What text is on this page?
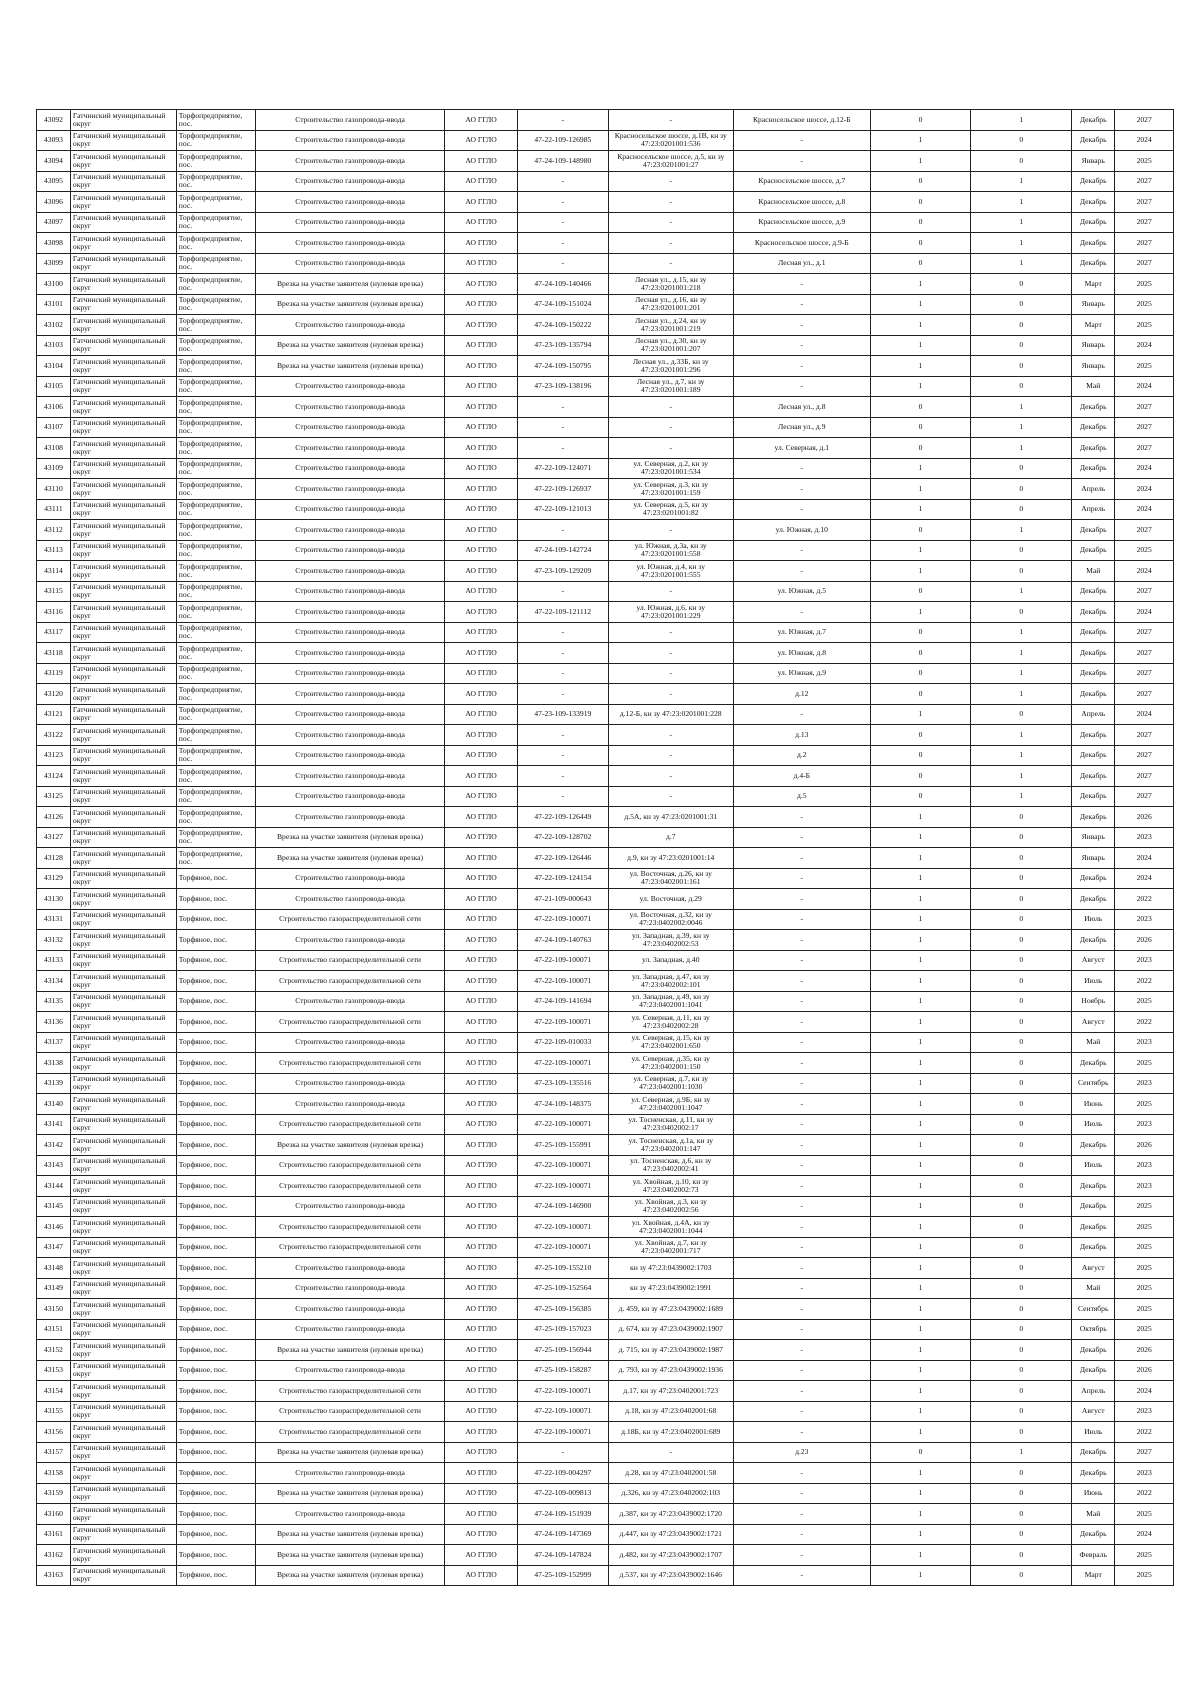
43092	Гатчинский муниципальный округ	Торфопредприятие, пос.	Строительство газопровода-ввода	АО ГГЛО	-	-	Красносельское шоссе, д.12-Б	0	1	Декабрь	2027
43093	Гатчинский муниципальный округ	Торфопредприятие, пос.	Строительство газопровода-ввода	АО ГГЛО	47-22-109-126985	Красносельское шоссе, д.1В, кн зу 47:23:0201001:536	-	1	0	Декабрь	2024
43094	Гатчинский муниципальный округ	Торфопредприятие, пос.	Строительство газопровода-ввода	АО ГГЛО	47-24-109-148980	Красносельское шоссе, д.5, кн зу 47:23:0201001:27	-	1	0	Январь	2025
43095	Гатчинский муниципальный округ	Торфопредприятие, пос.	Строительство газопровода-ввода	АО ГГЛО	-	-	Красносельское шоссе, д.7	0	1	Декабрь	2027
43096	Гатчинский муниципальный округ	Торфопредприятие, пос.	Строительство газопровода-ввода	АО ГГЛО	-	-	Красносельское шоссе, д.8	0	1	Декабрь	2027
43097	Гатчинский муниципальный округ	Торфопредприятие, пос.	Строительство газопровода-ввода	АО ГГЛО	-	-	Красносельское шоссе, д.9	0	1	Декабрь	2027
43098	Гатчинский муниципальный округ	Торфопредприятие, пос.	Строительство газопровода-ввода	АО ГГЛО	-	-	Красносельское шоссе, д.9-Б	0	1	Декабрь	2027
43099	Гатчинский муниципальный округ	Торфопредприятие, пос.	Строительство газопровода-ввода	АО ГГЛО	-	-	Лесная ул., д.1	0	1	Декабрь	2027
43100	Гатчинский муниципальный округ	Торфопредприятие, пос.	Врезка на участке заявителя (нулевая врезка)	АО ГГЛО	47-24-109-140466	Лесная ул., д.15, кн зу 47:23:0201001:218	-	1	0	Март	2025
43101	Гатчинский муниципальный округ	Торфопредприятие, пос.	Врезка на участке заявителя (нулевая врезка)	АО ГГЛО	47-24-109-151024	Лесная ул., д.16, кн зу 47:23:0201001:201	-	1	0	Январь	2025
43102	Гатчинский муниципальный округ	Торфопредприятие, пос.	Строительство газопровода-ввода	АО ГГЛО	47-24-109-150222	Лесная ул., д.24, кн зу 47:23:0201001:219	-	1	0	Март	2025
43103	Гатчинский муниципальный округ	Торфопредприятие, пос.	Врезка на участке заявителя (нулевая врезка)	АО ГГЛО	47-23-109-135794	Лесная ул., д.30, кн зу 47:23:0201001:207	-	1	0	Январь	2024
43104	Гатчинский муниципальный округ	Торфопредприятие, пос.	Врезка на участке заявителя (нулевая врезка)	АО ГГЛО	47-24-109-150795	Лесная ул., д.33Б, кн зу 47:23:0201001:296	-	1	0	Январь	2025
43105	Гатчинский муниципальный округ	Торфопредприятие, пос.	Строительство газопровода-ввода	АО ГГЛО	47-23-109-138196	Лесная ул., д.7, кн зу 47:23:0201001:189	-	1	0	Май	2024
43106	Гатчинский муниципальный округ	Торфопредприятие, пос.	Строительство газопровода-ввода	АО ГГЛО	-	-	Лесная ул., д.8	0	1	Декабрь	2027
43107	Гатчинский муниципальный округ	Торфопредприятие, пос.	Строительство газопровода-ввода	АО ГГЛО	-	-	Лесная ул., д.9	0	1	Декабрь	2027
43108	Гатчинский муниципальный округ	Торфопредприятие, пос.	Строительство газопровода-ввода	АО ГГЛО	-	-	ул. Северная, д.1	0	1	Декабрь	2027
43109	Гатчинский муниципальный округ	Торфопредприятие, пос.	Строительство газопровода-ввода	АО ГГЛО	47-22-109-124071	ул. Северная, д.2, кн зу 47:23:0201001:534	-	1	0	Декабрь	2024
43110	Гатчинский муниципальный округ	Торфопредприятие, пос.	Строительство газопровода-ввода	АО ГГЛО	47-22-109-126937	ул. Северная, д.3, кн зу 47:23:0201001:159	-	1	0	Апрель	2024
43111	Гатчинский муниципальный округ	Торфопредприятие, пос.	Строительство газопровода-ввода	АО ГГЛО	47-22-109-121013	ул. Северная, д.5, кн зу 47:23:0201001:82	-	1	0	Апрель	2024
43112	Гатчинский муниципальный округ	Торфопредприятие, пос.	Строительство газопровода-ввода	АО ГГЛО	-	-	ул. Южная, д.10	0	1	Декабрь	2027
43113	Гатчинский муниципальный округ	Торфопредприятие, пос.	Строительство газопровода-ввода	АО ГГЛО	47-24-109-142724	ул. Южная, д.3а, кн зу 47:23:0201001:558	-	1	0	Декабрь	2025
43114	Гатчинский муниципальный округ	Торфопредприятие, пос.	Строительство газопровода-ввода	АО ГГЛО	47-23-109-129209	ул. Южная, д.4, кн зу 47:23:0201001:555	-	1	0	Май	2024
43115	Гатчинский муниципальный округ	Торфопредприятие, пос.	Строительство газопровода-ввода	АО ГГЛО	-	-	ул. Южная, д.5	0	1	Декабрь	2027
43116	Гатчинский муниципальный округ	Торфопредприятие, пос.	Строительство газопровода-ввода	АО ГГЛО	47-22-109-121112	ул. Южная, д.6, кн зу 47:23:0201001:229	-	1	0	Декабрь	2024
43117	Гатчинский муниципальный округ	Торфопредприятие, пос.	Строительство газопровода-ввода	АО ГГЛО	-	-	ул. Южная, д.7	0	1	Декабрь	2027
43118	Гатчинский муниципальный округ	Торфопредприятие, пос.	Строительство газопровода-ввода	АО ГГЛО	-	-	ул. Южная, д.8	0	1	Декабрь	2027
43119	Гатчинский муниципальный округ	Торфопредприятие, пос.	Строительство газопровода-ввода	АО ГГЛО	-	-	ул. Южная, д.9	0	1	Декабрь	2027
43120	Гатчинский муниципальный округ	Торфопредприятие, пос.	Строительство газопровода-ввода	АО ГГЛО	-	-	д.12	0	1	Декабрь	2027
43121	Гатчинский муниципальный округ	Торфопредприятие, пос.	Строительство газопровода-ввода	АО ГГЛО	47-23-109-133919	д.12-Б, кн зу 47:23:0201001:228	-	1	0	Апрель	2024
43122	Гатчинский муниципальный округ	Торфопредприятие, пос.	Строительство газопровода-ввода	АО ГГЛО	-	-	д.13	0	1	Декабрь	2027
43123	Гатчинский муниципальный округ	Торфопредприятие, пос.	Строительство газопровода-ввода	АО ГГЛО	-	-	д.2	0	1	Декабрь	2027
43124	Гатчинский муниципальный округ	Торфопредприятие, пос.	Строительство газопровода-ввода	АО ГГЛО	-	-	д.4-Б	0	1	Декабрь	2027
43125	Гатчинский муниципальный округ	Торфопредприятие, пос.	Строительство газопровода-ввода	АО ГГЛО	-	-	д.5	0	1	Декабрь	2027
43126	Гатчинский муниципальный округ	Торфопредприятие, пос.	Строительство газопровода-ввода	АО ГГЛО	47-22-109-126449	д.5А, кн зу 47:23:0201001:31	-	1	0	Декабрь	2026
43127	Гатчинский муниципальный округ	Торфопредприятие, пос.	Врезка на участке заявителя (нулевая врезка)	АО ГГЛО	47-22-109-128702	д.7	-	1	0	Январь	2023
43128	Гатчинский муниципальный округ	Торфопредприятие, пос.	Врезка на участке заявителя (нулевая врезка)	АО ГГЛО	47-22-109-126446	д.9, кн зу 47:23:0201001:14	-	1	0	Январь	2024
43129	Гатчинский муниципальный округ	Торфяное, пос.	Строительство газопровода-ввода	АО ГГЛО	47-22-109-124154	ул. Восточная, д.26, кн зу 47:23:0402001:161	-	1	0	Декабрь	2024
43130	Гатчинский муниципальный округ	Торфяное, пос.	Строительство газопровода-ввода	АО ГГЛО	47-21-109-000643	ул. Восточная, д.29	-	1	0	Декабрь	2022
43131	Гатчинский муниципальный округ	Торфяное, пос.	Строительство газораспределительной сети	АО ГГЛО	47-22-109-100071	ул. Восточная, д.32, кн зу 47:23:0402002:0046	-	1	0	Июль	2023
43132	Гатчинский муниципальный округ	Торфяное, пос.	Строительство газопровода-ввода	АО ГГЛО	47-24-109-140763	ул. Западная, д.39, кн зу 47:23:0402002:53	-	1	0	Декабрь	2026
43133	Гатчинский муниципальный округ	Торфяное, пос.	Строительство газораспределительной сети	АО ГГЛО	47-22-109-100071	ул. Западная, д.40	-	1	0	Август	2023
43134	Гатчинский муниципальный округ	Торфяное, пос.	Строительство газораспределительной сети	АО ГГЛО	47-22-109-100071	ул. Западная, д.47, кн зу 47:23:0402002:101	-	1	0	Июль	2022
43135	Гатчинский муниципальный округ	Торфяное, пос.	Строительство газопровода-ввода	АО ГГЛО	47-24-109-141694	ул. Западная, д.49, кн зу 47:23:0402001:1041	-	1	0	Ноябрь	2025
43136	Гатчинский муниципальный округ	Торфяное, пос.	Строительство газораспределительной сети	АО ГГЛО	47-22-109-100071	ул. Северная, д.11, кн зу 47:23:0402002:28	-	1	0	Август	2022
43137	Гатчинский муниципальный округ	Торфяное, пос.	Строительство газопровода-ввода	АО ГГЛО	47-22-109-010033	ул. Северная, д.15, кн зу 47:23:0402001:650	-	1	0	Май	2023
43138	Гатчинский муниципальный округ	Торфяное, пос.	Строительство газораспределительной сети	АО ГГЛО	47-22-109-100071	ул. Северная, д.35, кн зу 47:23:0402001:150	-	1	0	Декабрь	2025
43139	Гатчинский муниципальный округ	Торфяное, пос.	Строительство газопровода-ввода	АО ГГЛО	47-23-109-135516	ул. Северная, д.7, кн зу 47:23:0402001:1030	-	1	0	Сентябрь	2023
43140	Гатчинский муниципальный округ	Торфяное, пос.	Строительство газопровода-ввода	АО ГГЛО	47-24-109-148375	ул. Северная, д.9Б, кн зу 47:23:0402001:1047	-	1	0	Июнь	2025
43141	Гатчинский муниципальный округ	Торфяное, пос.	Строительство газораспределительной сети	АО ГГЛО	47-22-109-100071	ул. Тосненская, д.11, кн зу 47:23:0402002:17	-	1	0	Июль	2023
43142	Гатчинский муниципальный округ	Торфяное, пос.	Врезка на участке заявителя (нулевая врезка)	АО ГГЛО	47-25-109-155991	ул. Тосненская, д.1а, кн зу 47:23:0402001:147	-	1	0	Декабрь	2026
43143	Гатчинский муниципальный округ	Торфяное, пос.	Строительство газораспределительной сети	АО ГГЛО	47-22-109-100071	ул. Тосненская, д.6, кн зу 47:23:0402002:41	-	1	0	Июль	2023
43144	Гатчинский муниципальный округ	Торфяное, пос.	Строительство газораспределительной сети	АО ГГЛО	47-22-109-100071	ул. Хвойная, д.10, кн зу 47:23:0402002:73	-	1	0	Декабрь	2023
43145	Гатчинский муниципальный округ	Торфяное, пос.	Строительство газопровода-ввода	АО ГГЛО	47-24-109-146900	ул. Хвойная, д.3, кн зу 47:23:0402002:56	-	1	0	Декабрь	2025
43146	Гатчинский муниципальный округ	Торфяное, пос.	Строительство газораспределительной сети	АО ГГЛО	47-22-109-100071	ул. Хвойная, д.4А, кн зу 47:23:0402001:1044	-	1	0	Декабрь	2025
43147	Гатчинский муниципальный округ	Торфяное, пос.	Строительство газораспределительной сети	АО ГГЛО	47-22-109-100071	ул. Хвойная, д.7, кн зу 47:23:0402001:717	-	1	0	Декабрь	2025
43148	Гатчинский муниципальный округ	Торфяное, пос.	Строительство газопровода-ввода	АО ГГЛО	47-25-109-155210	кн зу 47:23:0439002:1703	-	1	0	Август	2025
43149	Гатчинский муниципальный округ	Торфяное, пос.	Строительство газопровода-ввода	АО ГГЛО	47-25-109-152564	кн зу 47:23:0439002:1991	-	1	0	Май	2025
43150	Гатчинский муниципальный округ	Торфяное, пос.	Строительство газопровода-ввода	АО ГГЛО	47-25-109-156385	д. 459, кн зу 47:23:0439002:1689	-	1	0	Сентябрь	2025
43151	Гатчинский муниципальный округ	Торфяное, пос.	Строительство газопровода-ввода	АО ГГЛО	47-25-109-157023	д. 674, кн зу 47:23:0439002:1907	-	1	0	Октябрь	2025
43152	Гатчинский муниципальный округ	Торфяное, пос.	Врезка на участке заявителя (нулевая врезка)	АО ГГЛО	47-25-109-156944	д. 715, кн зу 47:23:0439002:1987	-	1	0	Декабрь	2026
43153	Гатчинский муниципальный округ	Торфяное, пос.	Строительство газопровода-ввода	АО ГГЛО	47-25-109-158287	д. 793, кн зу 47:23:0439002:1936	-	1	0	Декабрь	2026
43154	Гатчинский муниципальный округ	Торфяное, пос.	Строительство газораспределительной сети	АО ГГЛО	47-22-109-100071	д.17, кн зу 47:23:0402001:723	-	1	0	Апрель	2024
43155	Гатчинский муниципальный округ	Торфяное, пос.	Строительство газораспределительной сети	АО ГГЛО	47-22-109-100071	д.18, кн зу 47:23:0402001:68	-	1	0	Август	2023
43156	Гатчинский муниципальный округ	Торфяное, пос.	Строительство газораспределительной сети	АО ГГЛО	47-22-109-100071	д.18Б, кн зу 47:23:0402001:689	-	1	0	Июль	2022
43157	Гатчинский муниципальный округ	Торфяное, пос.	Врезка на участке заявителя (нулевая врезка)	АО ГГЛО	-	-	д.23	0	1	Декабрь	2027
43158	Гатчинский муниципальный округ	Торфяное, пос.	Строительство газопровода-ввода	АО ГГЛО	47-22-109-004297	д.28, кн зу 47:23:0402001:58	-	1	0	Декабрь	2023
43159	Гатчинский муниципальный округ	Торфяное, пос.	Врезка на участке заявителя (нулевая врезка)	АО ГГЛО	47-22-109-009813	д.326, кн зу 47:23:0402002:103	-	1	0	Июнь	2022
43160	Гатчинский муниципальный округ	Торфяное, пос.	Строительство газопровода-ввода	АО ГГЛО	47-24-109-151939	д.387, кн зу 47:23:0439002:1720	-	1	0	Май	2025
43161	Гатчинский муниципальный округ	Торфяное, пос.	Врезка на участке заявителя (нулевая врезка)	АО ГГЛО	47-24-109-147369	д.447, кн зу 47:23:0439002:1721	-	1	0	Декабрь	2024
43162	Гатчинский муниципальный округ	Торфяное, пос.	Врезка на участке заявителя (нулевая врезка)	АО ГГЛО	47-24-109-147824	д.482, кн зу 47:23:0439002:1707	-	1	0	Февраль	2025
43163	Гатчинский муниципальный округ	Торфяное, пос.	Врезка на участке заявителя (нулевая врезка)	АО ГГЛО	47-25-109-152999	д.537, кн зу 47:23:0439002:1646	-	1	0	Март	2025
